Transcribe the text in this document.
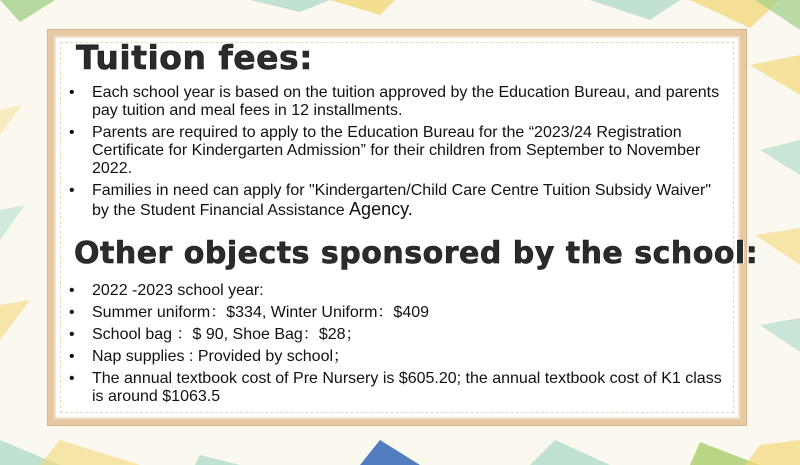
Tuition fees:
• Each school year is based on the tuition approved by the Education Bureau, and parents pay tuition and meal fees in 12 installments.
• Parents are required to apply to the Education Bureau for the “2023/24 Registration Certificate for Kindergarten Admission” for their children from September to November 2022.
• Families in need can apply for "Kindergarten/Child Care Centre Tuition Subsidy Waiver" by the Student Financial Assistance Agency.
Other objects sponsored by the school:
• 2022 -2023 school year:
• Summer uniform：$334, Winter Uniform：$409
• School bag ：$ 90, Shoe Bag：$28；
• Nap supplies : Provided by school；
• The annual textbook cost of Pre Nursery is $605.20; the annual textbook cost of K1 class is around $1063.5
